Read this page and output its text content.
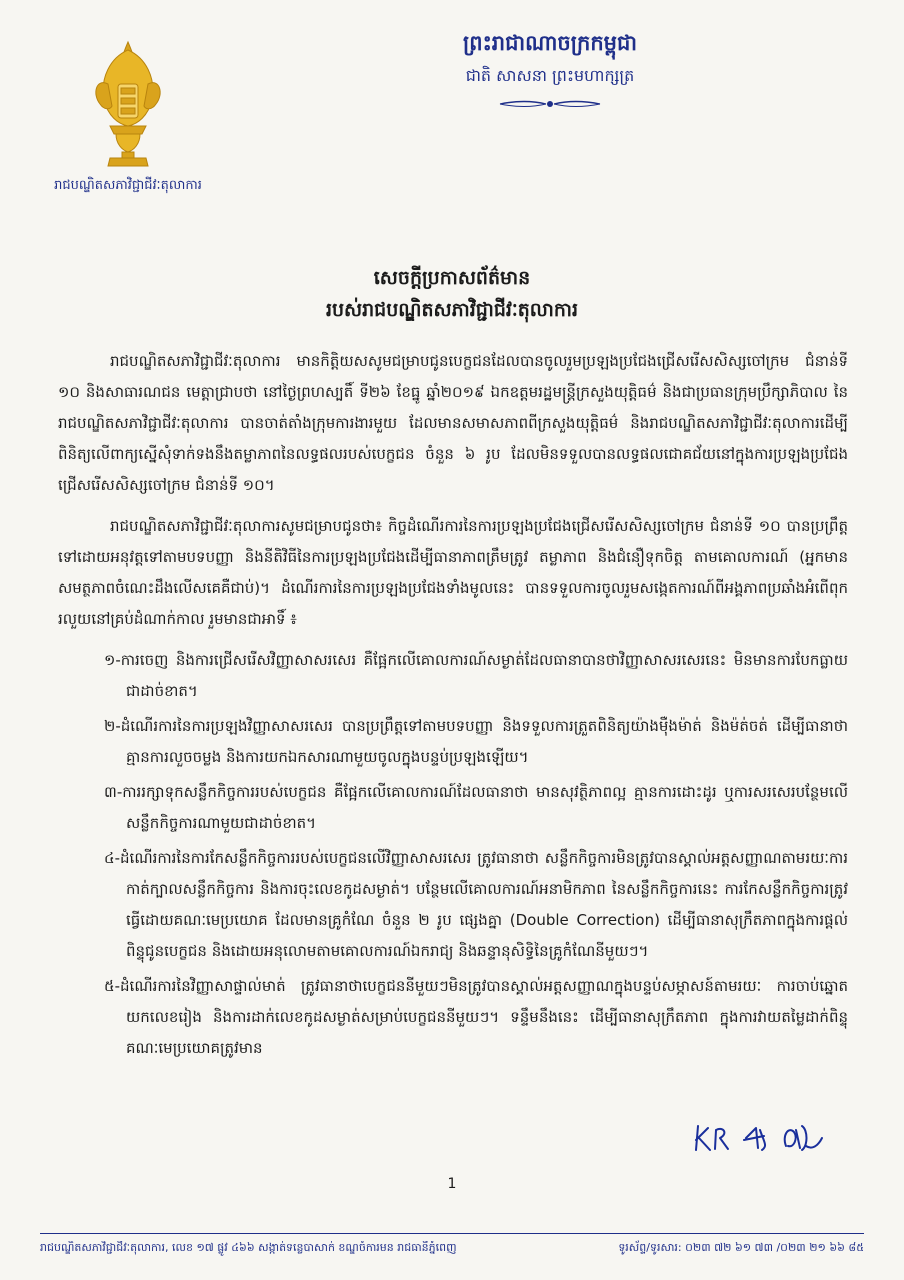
រាជបណ្ឌិតសភាវិជ្ជាជីវៈតុលាការ
ព្រះរាជាណាចក្រកម្ពុជា
ជាតិ សាសនា ព្រះមហាក្សត្រ
សេចក្តីប្រកាសព័ត៌មាន
របស់រាជបណ្ឌិតសភាវិជ្ជាជីវៈតុលាការ

រាជបណ្ឌិតសភាវិជ្ជាជីវៈតុលាការ មានកិត្តិយសសូមជម្រាបជូនបេក្ខជនដែលបានចូលរួមប្រឡងប្រជែងជ្រើសរើសសិស្សចៅក្រម ជំនាន់ទី ១០ និងសាធារណជន មេត្តាជ្រាបថា នៅថ្ងៃព្រហស្បតិ៍ ទី២៦ ខែធ្នូ ឆ្នាំ២០១៩ ឯកឧត្តមរដ្ឋមន្ត្រីក្រសួងយុត្តិធម៌ និងជាប្រធានក្រុមប្រឹក្សាភិបាល នៃរាជបណ្ឌិតសភាវិជ្ជាជីវៈតុលាការ បានចាត់តាំងក្រុមការងារមួយ ដែលមានសមាសភាពពីក្រសួងយុត្តិធម៌ និងរាជបណ្ឌិតសភាវិជ្ជាជីវៈតុលាការដើម្បីពិនិត្យលើពាក្យស្នើសុំទាក់ទងនឹងតម្លាភាពនៃលទ្ធផលរបស់បេក្ខជន ចំនួន ៦ រូប ដែលមិនទទួលបានលទ្ធផលជោគជ័យនៅក្នុងការប្រឡងប្រជែងជ្រើសរើសសិស្សចៅក្រម ជំនាន់ទី ១០។

រាជបណ្ឌិតសភាវិជ្ជាជីវៈតុលាការសូមជម្រាបជូនថា៖ កិច្ចដំណើរការនៃការប្រឡងប្រជែងជ្រើសរើសសិស្សចៅក្រម ជំនាន់ទី ១០ បានប្រព្រឹត្តទៅដោយអនុវត្តទៅតាមបទបញ្ញា និងនីតិវិធីនៃការប្រឡងប្រជែងដើម្បីធានាភាពត្រឹមត្រូវ តម្លាភាព និងជំនឿទុកចិត្ត តាមគោលការណ៍ (អ្នកមានសមត្ថភាពចំណេះដឹងលើសគេគឺជាប់)។ ដំណើរការនៃការប្រឡងប្រជែងទាំងមូលនេះ បានទទួលការចូលរួមសង្កេតការណ៍ពីអង្គភាពប្រឆាំងអំពើពុករលួយនៅគ្រប់ដំណាក់កាល រួមមានជាអាទិ៍ ៖

១-ការចេញ និងការជ្រើសរើសវិញ្ញាសាសរសេរ គឺផ្អែកលើគោលការណ៍សម្ងាត់ដែលធានាបានថាវិញ្ញាសាសរសេរនេះ មិនមានការបែកធ្លាយជាដាច់ខាត។

២-ដំណើរការនៃការប្រឡងវិញ្ញាសាសរសេរ បានប្រព្រឹត្តទៅតាមបទបញ្ញា និងទទួលការត្រួតពិនិត្យយ៉ាងម៉ឺងម៉ាត់ និងម៉ត់ចត់ ដើម្បីធានាថាគ្មានការលួចចម្លង និងការយកឯកសារណាមួយចូលក្នុងបន្ទប់ប្រឡងឡើយ។

៣-ការរក្សាទុកសន្លឹកកិច្ចការរបស់បេក្ខជន គឺផ្អែកលើគោលការណ៍ដែលធានាថា មានសុវត្ថិភាពល្អ គ្មានការដោះដូរ ឬការសរសេរបន្ថែមលើសន្លឹកកិច្ចការណាមួយជាដាច់ខាត។

៤-ដំណើរការនៃការកែសន្លឹកកិច្ចការរបស់បេក្ខជនលើវិញ្ញាសាសរសេរ ត្រូវធានាថា សន្លឹកកិច្ចការមិនត្រូវបានស្គាល់អត្តសញ្ញាណតាមរយៈការកាត់ក្បាលសន្លឹកកិច្ចការ និងការចុះលេខកូដសម្ងាត់។ បន្ថែមលើគោលការណ៍អនាមិកភាព នៃសន្លឹកកិច្ចការនេះ ការកែសន្លឹកកិច្ចការត្រូវធ្វើដោយគណៈមេប្រយោគ ដែលមានគ្រូកំណែ ចំនួន ២ រូប ផ្សេងគ្នា (Double Correction) ដើម្បីធានាសុក្រឹតភាពក្នុងការផ្តល់ពិន្ទុជូនបេក្ខជន និងដោយអនុលោមតាមគោលការណ៍ឯករាជ្យ និងឆន្ទានុសិទ្ធិនៃគ្រូកំណែនីមួយៗ។

៥-ដំណើរការនៃវិញ្ញាសាផ្ទាល់មាត់ ត្រូវធានាថាបេក្ខជននីមួយៗមិនត្រូវបានស្គាល់អត្តសញ្ញាណក្នុងបន្ទប់សម្ភាសន៍តាមរយៈ ការចាប់ឆ្នោតយកលេខរៀង និងការដាក់លេខកូដសម្ងាត់សម្រាប់បេក្ខជននីមួយៗ។ ទន្ទឹមនឹងនេះ ដើម្បីធានាសុក្រឹតភាព ក្នុងការវាយតម្លៃដាក់ពិន្ទុ គណៈមេប្រយោគត្រូវមាន

1
រាជបណ្ឌិតសភាវិជ្ជាជីវៈតុលាការ, លេខ ១៧ ផ្លូវ ៤៦៦ សង្កាត់ទន្លេបាសាក់ ខណ្ឌចំការមន រាជធានីភ្នំពេញ	ទូរស័ព្ទ/ទូរសារ: ០២៣ ៧២ ៦១ ៧៣ /០២៣ ២១ ៦៦ ៨៥
